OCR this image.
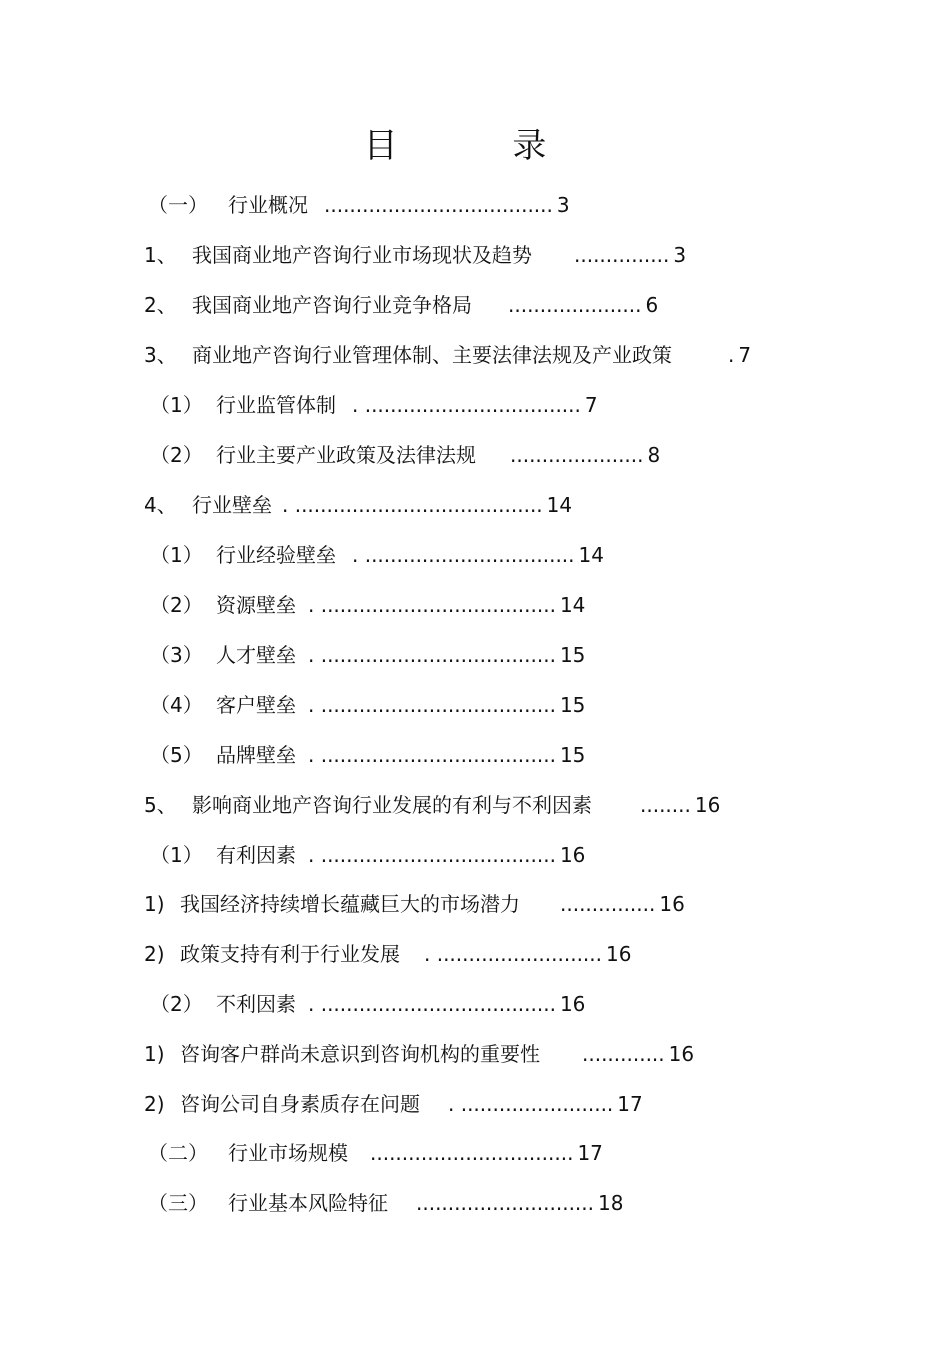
目 录
（一）	行业概况 .................................... 3
1、 我国商业地产咨询行业市场现状及趋势 ............... 3
2、 我国商业地产咨询行业竞争格局 ..................... 6
3、 商业地产咨询行业管理体制、主要法律法规及产业政策	. 7
（1） 行业监管体制 . .................................. 7
（2） 行业主要产业政策及法律法规 ..................... 8
4、 行业壁垒 . ....................................... 14
（1） 行业经验壁垒 . ................................. 14
（2） 资源壁垒 . ..................................... 14
（3） 人才壁垒 . ..................................... 15
（4） 客户壁垒 . ..................................... 15
（5） 品牌壁垒 . ..................................... 15
5、 影响商业地产咨询行业发展的有利与不利因素 ........ 16
（1） 有利因素 . ..................................... 16
1) 我国经济持续增长蕴藏巨大的市场潜力 ............... 16
2) 政策支持有利于行业发展 . .......................... 16
（2） 不利因素 . ..................................... 16
1) 咨询客户群尚未意识到咨询机构的重要性 ............. 16
2) 咨询公司自身素质存在问题 . ........................ 17
（二）	行业市场规模 ................................ 17
（三）	行业基本风险特征 ............................ 18
